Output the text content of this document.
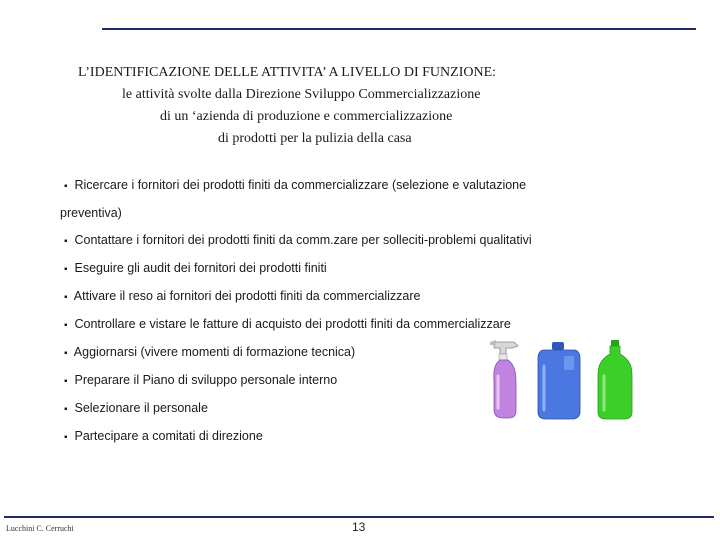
L’IDENTIFICAZIONE DELLE ATTIVITA’ A LIVELLO DI FUNZIONE:
le attività svolte dalla Direzione Sviluppo Commercializzazione
di un ‘azienda di produzione e commercializzazione
di prodotti per la pulizia della casa
▪ Ricercare i fornitori dei prodotti finiti da commercializzare (selezione e valutazione
preventiva)
▪ Contattare i fornitori dei prodotti finiti da comm.zare per solleciti-problemi qualitativi
▪ Eseguire gli audit dei fornitori dei prodotti finiti
▪ Attivare il reso ai fornitori dei prodotti finiti da commercializzare
▪ Controllare e vistare le fatture di acquisto dei prodotti finiti da commercializzare
▪ Aggiornarsi (vivere momenti di formazione tecnica)
▪ Preparare il Piano di sviluppo personale interno
▪ Selezionare il personale
▪ Partecipare a comitati di direzione
Lucchini C. Cerruchi	13
